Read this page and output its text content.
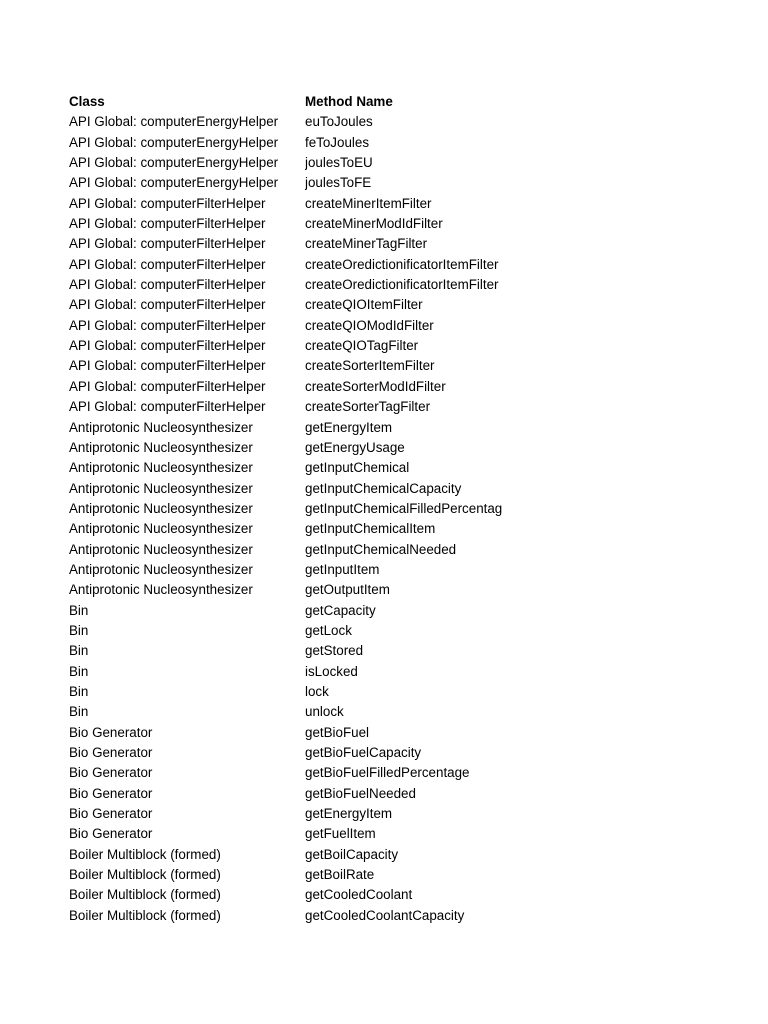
Class	Method Name
API Global: computerEnergyHelper	euToJoules
API Global: computerEnergyHelper	feToJoules
API Global: computerEnergyHelper	joulesToEU
API Global: computerEnergyHelper	joulesToFE
API Global: computerFilterHelper	createMinerItemFilter
API Global: computerFilterHelper	createMinerModIdFilter
API Global: computerFilterHelper	createMinerTagFilter
API Global: computerFilterHelper	createOredictionificatorItemFilter
API Global: computerFilterHelper	createOredictionificatorItemFilter
API Global: computerFilterHelper	createQIOItemFilter
API Global: computerFilterHelper	createQIOModIdFilter
API Global: computerFilterHelper	createQIOTagFilter
API Global: computerFilterHelper	createSorterItemFilter
API Global: computerFilterHelper	createSorterModIdFilter
API Global: computerFilterHelper	createSorterTagFilter
Antiprotonic Nucleosynthesizer	getEnergyItem
Antiprotonic Nucleosynthesizer	getEnergyUsage
Antiprotonic Nucleosynthesizer	getInputChemical
Antiprotonic Nucleosynthesizer	getInputChemicalCapacity
Antiprotonic Nucleosynthesizer	getInputChemicalFilledPercentag
Antiprotonic Nucleosynthesizer	getInputChemicalItem
Antiprotonic Nucleosynthesizer	getInputChemicalNeeded
Antiprotonic Nucleosynthesizer	getInputItem
Antiprotonic Nucleosynthesizer	getOutputItem
Bin	getCapacity
Bin	getLock
Bin	getStored
Bin	isLocked
Bin	lock
Bin	unlock
Bio Generator	getBioFuel
Bio Generator	getBioFuelCapacity
Bio Generator	getBioFuelFilledPercentage
Bio Generator	getBioFuelNeeded
Bio Generator	getEnergyItem
Bio Generator	getFuelItem
Boiler Multiblock (formed)	getBoilCapacity
Boiler Multiblock (formed)	getBoilRate
Boiler Multiblock (formed)	getCooledCoolant
Boiler Multiblock (formed)	getCooledCoolantCapacity
